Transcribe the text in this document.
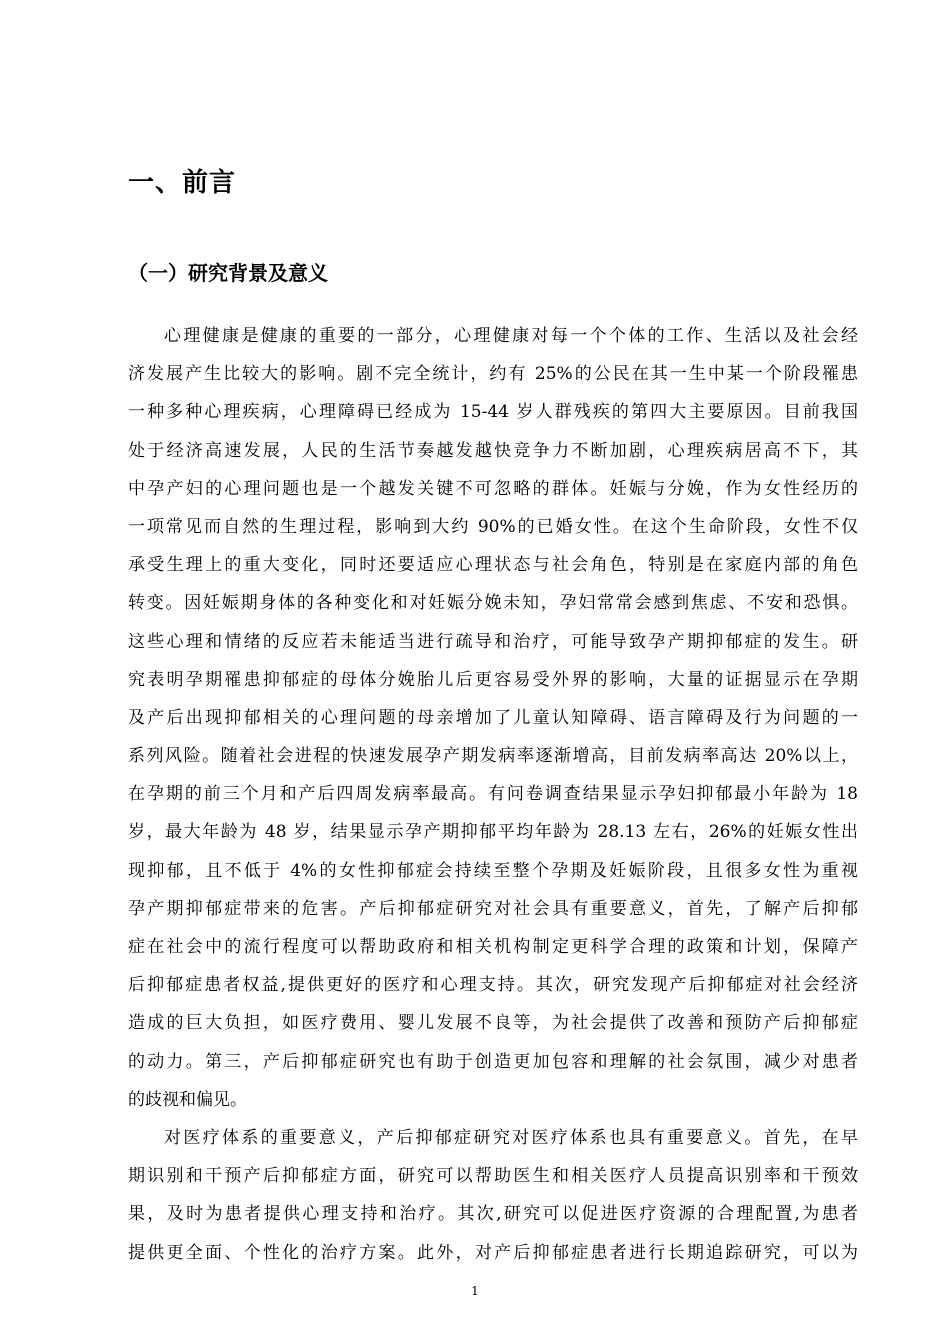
一、前言
（一）研究背景及意义
心理健康是健康的重要的一部分，心理健康对每一个个体的工作、生活以及社会经
济发展产生比较大的影响。剧不完全统计，约有 25%的公民在其一生中某一个阶段罹患
一种多种心理疾病，心理障碍已经成为 15-44 岁人群残疾的第四大主要原因。目前我国
处于经济高速发展，人民的生活节奏越发越快竞争力不断加剧，心理疾病居高不下，其
中孕产妇的心理问题也是一个越发关键不可忽略的群体。妊娠与分娩，作为女性经历的
一项常见而自然的生理过程，影响到大约 90%的已婚女性。在这个生命阶段，女性不仅
承受生理上的重大变化，同时还要适应心理状态与社会角色，特别是在家庭内部的角色
转变。因妊娠期身体的各种变化和对妊娠分娩未知，孕妇常常会感到焦虑、不安和恐惧。
这些心理和情绪的反应若未能适当进行疏导和治疗，可能导致孕产期抑郁症的发生。研
究表明孕期罹患抑郁症的母体分娩胎儿后更容易受外界的影响，大量的证据显示在孕期
及产后出现抑郁相关的心理问题的母亲增加了儿童认知障碍、语言障碍及行为问题的一
系列风险。随着社会进程的快速发展孕产期发病率逐渐增高，目前发病率高达 20%以上，
在孕期的前三个月和产后四周发病率最高。有问卷调查结果显示孕妇抑郁最小年龄为 18
岁，最大年龄为 48 岁，结果显示孕产期抑郁平均年龄为 28.13 左右，26%的妊娠女性出
现抑郁，且不低于 4%的女性抑郁症会持续至整个孕期及妊娠阶段，且很多女性为重视
孕产期抑郁症带来的危害。产后抑郁症研究对社会具有重要意义，首先，了解产后抑郁
症在社会中的流行程度可以帮助政府和相关机构制定更科学合理的政策和计划，保障产
后抑郁症患者权益,提供更好的医疗和心理支持。其次，研究发现产后抑郁症对社会经济
造成的巨大负担，如医疗费用、婴儿发展不良等，为社会提供了改善和预防产后抑郁症
的动力。第三，产后抑郁症研究也有助于创造更加包容和理解的社会氛围，减少对患者
的歧视和偏见。
对医疗体系的重要意义，产后抑郁症研究对医疗体系也具有重要意义。首先，在早
期识别和干预产后抑郁症方面，研究可以帮助医生和相关医疗人员提高识别率和干预效
果，及时为患者提供心理支持和治疗。其次,研究可以促进医疗资源的合理配置,为患者
提供更全面、个性化的治疗方案。此外，对产后抑郁症患者进行长期追踪研究，可以为

1
